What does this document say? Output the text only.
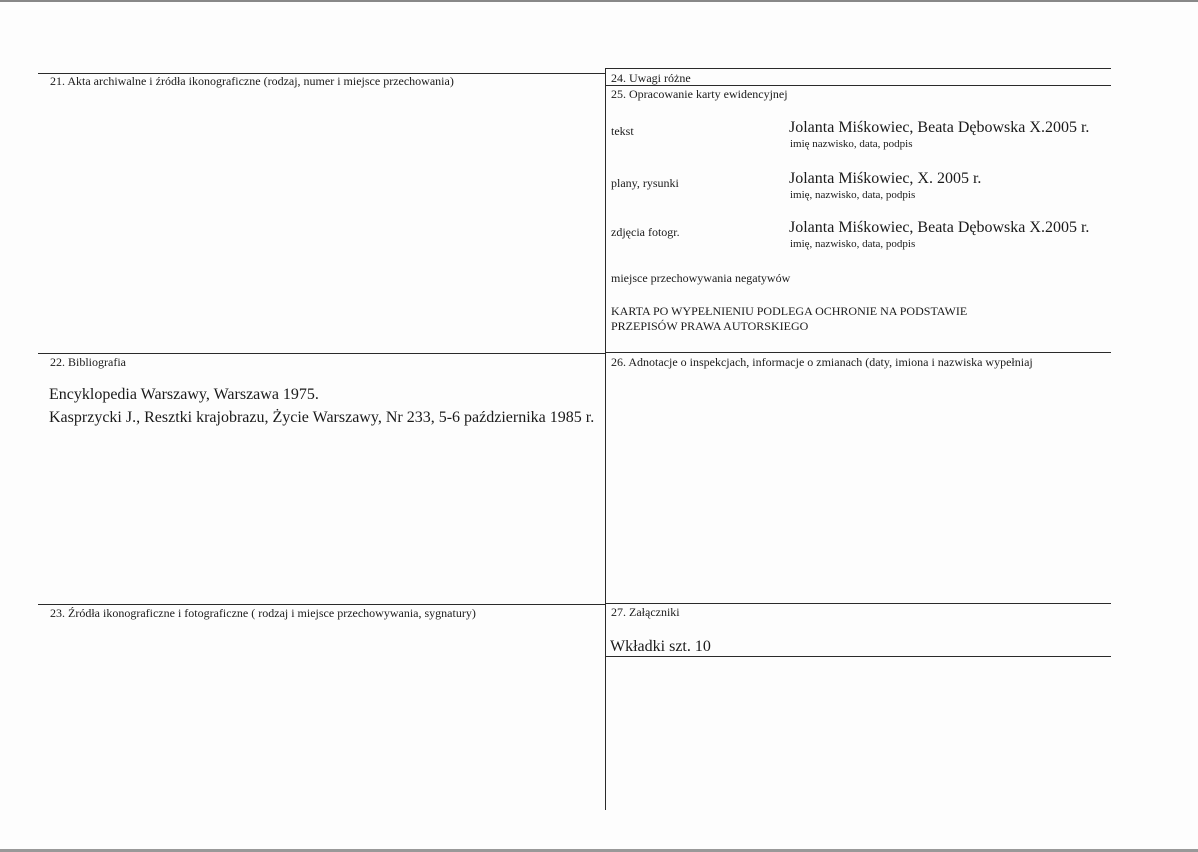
21. Akta archiwalne i źródła ikonograficzne (rodzaj, numer i miejsce przechowania)
22. Bibliografia
Encyklopedia Warszawy, Warszawa 1975.
Kasprzycki J., Resztki krajobrazu, Życie Warszawy, Nr 233, 5-6 października 1985 r.
23. Źródła ikonograficzne i fotograficzne ( rodzaj i miejsce przechowywania, sygnatury)
24. Uwagi różne
25. Opracowanie karty ewidencyjnej
tekst	Jolanta Miśkowiec, Beata Dębowska X.2005 r.
imię nazwisko, data, podpis
plany, rysunki	Jolanta Miśkowiec, X. 2005 r.
imię, nazwisko, data, podpis
zdjęcia fotogr.	Jolanta Miśkowiec, Beata Dębowska X.2005 r.
imię, nazwisko, data, podpis
miejsce przechowywania negatywów
KARTA PO WYPEŁNIENIU PODLEGA OCHRONIE NA PODSTAWIE
PRZEPISÓW PRAWA AUTORSKIEGO
26. Adnotacje o inspekcjach, informacje o zmianach (daty, imiona i nazwiska wypełniaj
27. Załączniki
Wkładki szt. 10
